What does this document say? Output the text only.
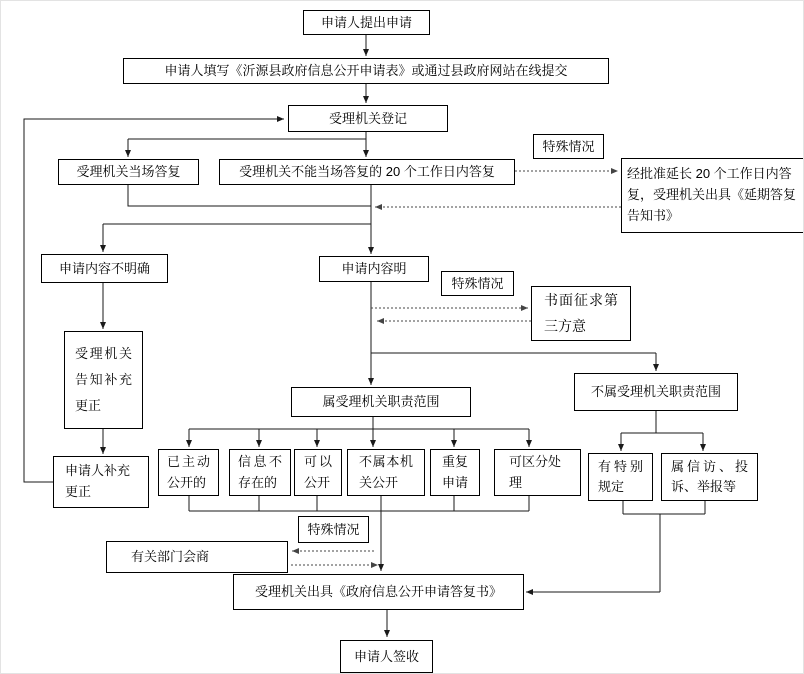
申请人提出申请
申请人填写《沂源县政府信息公开申请表》或通过县政府网站在线提交
受理机关登记
受理机关当场答复	受理机关不能当场答复的 20 个工作日内答复
特殊情况
经批准延长 20 个工作日内答复，受理机关出具《延期答复告知书》
申请内容不明确	申请内容明
特殊情况
书面征求第三方意
受理机关告知补充更正
申请人补充更正
属受理机关职责范围
不属受理机关职责范围
已主动公开的
信息不存在的
可以公开
不属本机关公开
重复申请
可区分处理
有特别规定
属信访、投诉、举报等
特殊情况
有关部门会商
受理机关出具《政府信息公开申请答复书》
申请人签收
